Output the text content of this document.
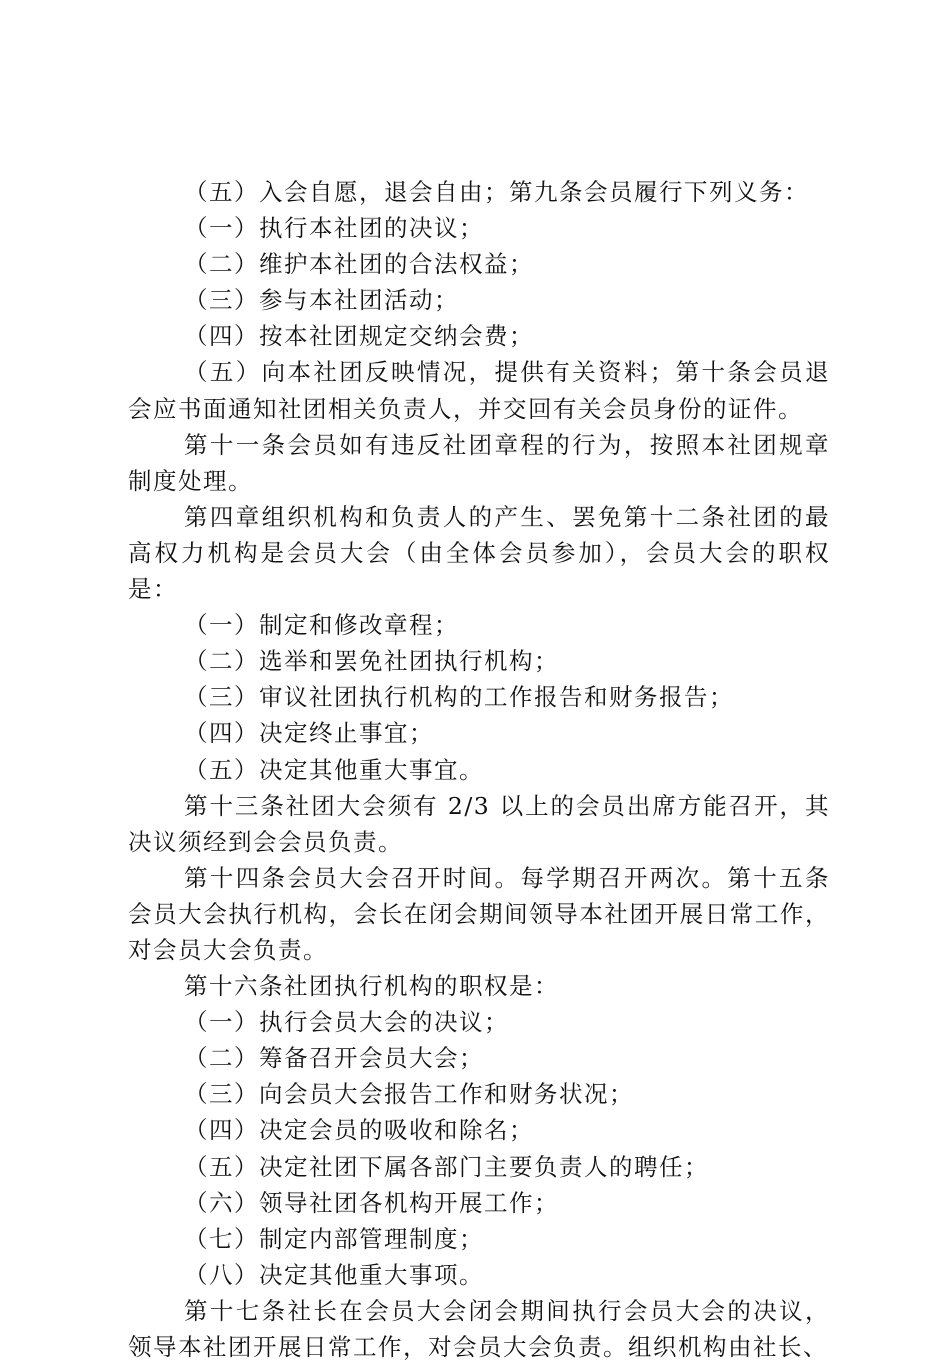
（五）入会自愿，退会自由；第九条会员履行下列义务：

（一）执行本社团的决议；

（二）维护本社团的合法权益；

（三）参与本社团活动；

（四）按本社团规定交纳会费；

（五）向本社团反映情况，提供有关资料；第十条会员退会应书面通知社团相关负责人，并交回有关会员身份的证件。

第十一条会员如有违反社团章程的行为，按照本社团规章制度处理。

第四章组织机构和负责人的产生、罢免第十二条社团的最高权力机构是会员大会（由全体会员参加），会员大会的职权是：

（一）制定和修改章程；

（二）选举和罢免社团执行机构；

（三）审议社团执行机构的工作报告和财务报告；

（四）决定终止事宜；

（五）决定其他重大事宜。

第十三条社团大会须有 2/3 以上的会员出席方能召开，其决议须经到会会员负责。

第十四条会员大会召开时间。每学期召开两次。第十五条会员大会执行机构，会长在闭会期间领导本社团开展日常工作，对会员大会负责。

第十六条社团执行机构的职权是：

（一）执行会员大会的决议；

（二）筹备召开会员大会；

（三）向会员大会报告工作和财务状况；

（四）决定会员的吸收和除名；

（五）决定社团下属各部门主要负责人的聘任；

（六）领导社团各机构开展工作；

（七）制定内部管理制度；

（八）决定其他重大事项。

第十七条社长在会员大会闭会期间执行会员大会的决议，领导本社团开展日常工作，对会员大会负责。组织机构由社长、
